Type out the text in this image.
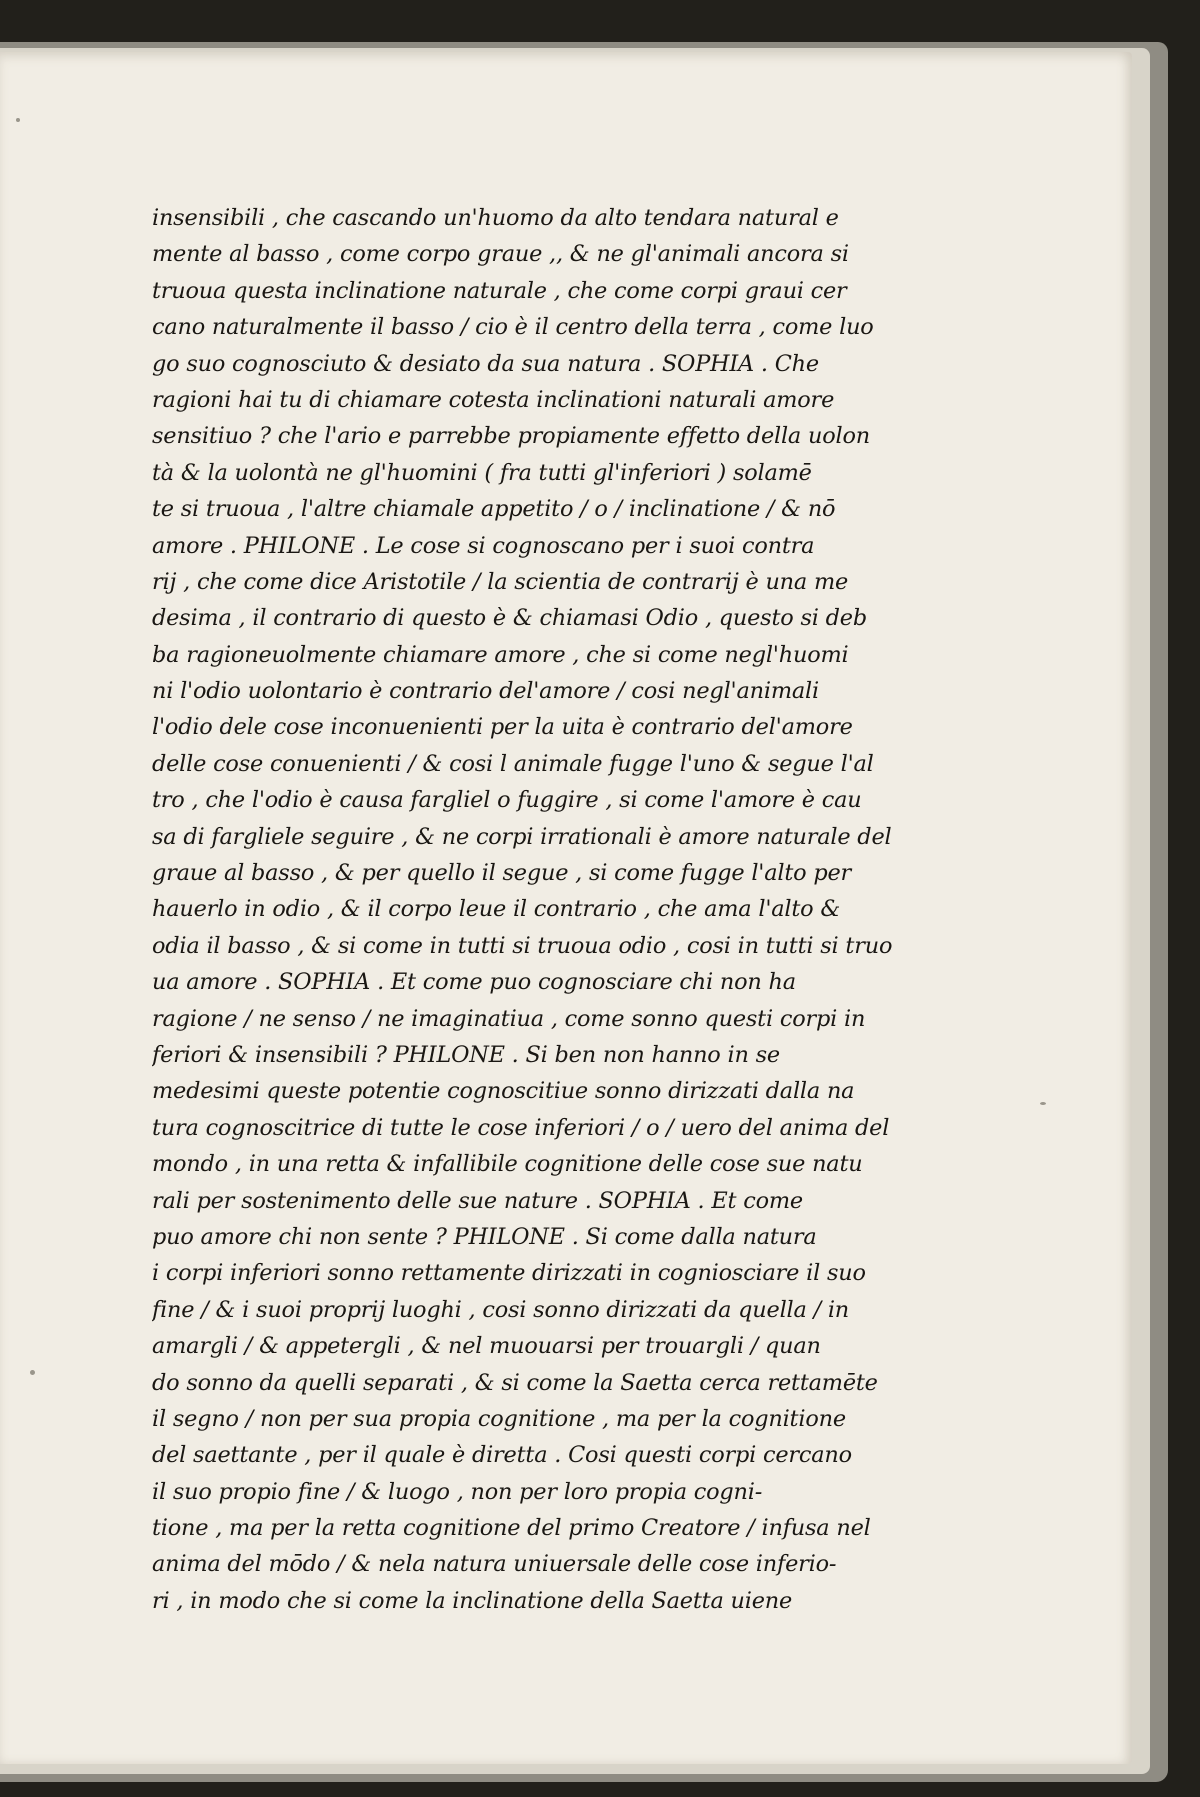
insensibili , che cascando un'huomo da alto tendara natural e
mente al basso , come corpo graue ,, & ne gl'animali ancora si
truoua questa inclinatione naturale , che come corpi graui cer
cano naturalmente il basso / cio è il centro della terra , come luo
go suo cognosciuto & desiato da sua natura . SOPHIA . Che
ragioni hai tu di chiamare cotesta inclinationi naturali amore
sensitiuo ? che l'ario e parrebbe propiamente effetto della uolon
tà & la uolontà ne gl'huomini ( fra tutti gl'inferiori ) solamē
te si truoua , l'altre chiamale appetito / o / inclinatione / & nō
amore . PHILONE . Le cose si cognoscano per i suoi contra
rij , che come dice Aristotile / la scientia de contrarij è una me
desima , il contrario di questo è & chiamasi Odio , questo si deb
ba ragioneuolmente chiamare amore , che si come negl'huomi
ni l'odio uolontario è contrario del'amore / cosi negl'animali
l'odio dele cose inconuenienti per la uita è contrario del'amore
delle cose conuenienti / & cosi l animale fugge l'uno & segue l'al
tro , che l'odio è causa fargliel o fuggire , si come l'amore è cau
sa di fargliele seguire , & ne corpi irrationali è amore naturale del
graue al basso , & per quello il segue , si come fugge l'alto per
hauerlo in odio , & il corpo leue il contrario , che ama l'alto &
odia il basso , & si come in tutti si truoua odio , cosi in tutti si truo
ua amore . SOPHIA . Et come puo cognosciare chi non ha
ragione / ne senso / ne imaginatiua , come sonno questi corpi in
feriori & insensibili ? PHILONE . Si ben non hanno in se
medesimi queste potentie cognoscitiue sonno dirizzati dalla na
tura cognoscitrice di tutte le cose inferiori / o / uero del anima del
mondo , in una retta & infallibile cognitione delle cose sue natu
rali per sostenimento delle sue nature . SOPHIA . Et come
puo amore chi non sente ? PHILONE . Si come dalla natura
i corpi inferiori sonno rettamente dirizzati in cogniosciare il suo
fine / & i suoi proprij luoghi , cosi sonno dirizzati da quella / in
amargli / & appetergli , & nel muouarsi per trouargli / quan
do sonno da quelli separati , & si come la Saetta cerca rettamēte
il segno / non per sua propia cognitione , ma per la cognitione
del saettante , per il quale è diretta . Cosi questi corpi cercano
il suo propio fine / & luogo , non per loro propia cogni-
tione , ma per la retta cognitione del primo Creatore / infusa nel
anima del mōdo / & nela natura uniuersale delle cose inferio-
ri , in modo che si come la inclinatione della Saetta uiene
